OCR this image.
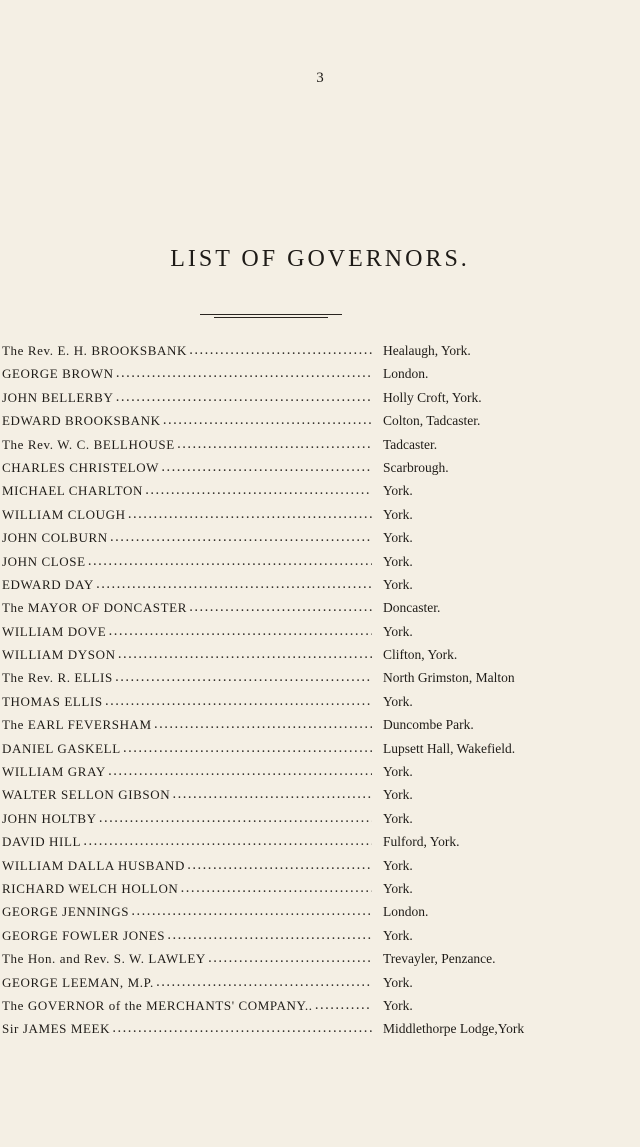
3
LIST OF GOVERNORS.
The Rev. E. H. BROOKSBANK .....	Healaugh, York.
GEORGE BROWN .....	London.
JOHN BELLERBY .....	Holly Croft, York.
EDWARD BROOKSBANK .....	Colton, Tadcaster.
The Rev. W. C. BELLHOUSE .....	Tadcaster.
CHARLES CHRISTELOW .....	Scarbrough.
MICHAEL CHARLTON .....	York.
WILLIAM CLOUGH .....	York.
JOHN COLBURN .....	York.
JOHN CLOSE .....	York.
EDWARD DAY .....	York.
The MAYOR OF DONCASTER .....	Doncaster.
WILLIAM DOVE .....	York.
WILLIAM DYSON .....	Clifton, York.
The Rev. R. ELLIS .....	North Grimston, Malton
THOMAS ELLIS .....	York.
The EARL FEVERSHAM .....	Duncombe Park.
DANIEL GASKELL .....	Lupsett Hall, Wakefield.
WILLIAM GRAY .....	York.
WALTER SELLON GIBSON .....	York.
JOHN HOLTBY .....	York.
DAVID HILL .....	Fulford, York.
WILLIAM DALLA HUSBAND .....	York.
RICHARD WELCH HOLLON .....	York.
GEORGE JENNINGS .....	London.
GEORGE FOWLER JONES .....	York.
The Hon. and Rev. S. W. LAWLEY .....	Trevayler, Penzance.
GEORGE LEEMAN, M.P. .....	York.
The GOVERNOR of the MERCHANTS' COMPANY.. .....	York.
Sir JAMES MEEK .....	Middlethorpe Lodge,York
